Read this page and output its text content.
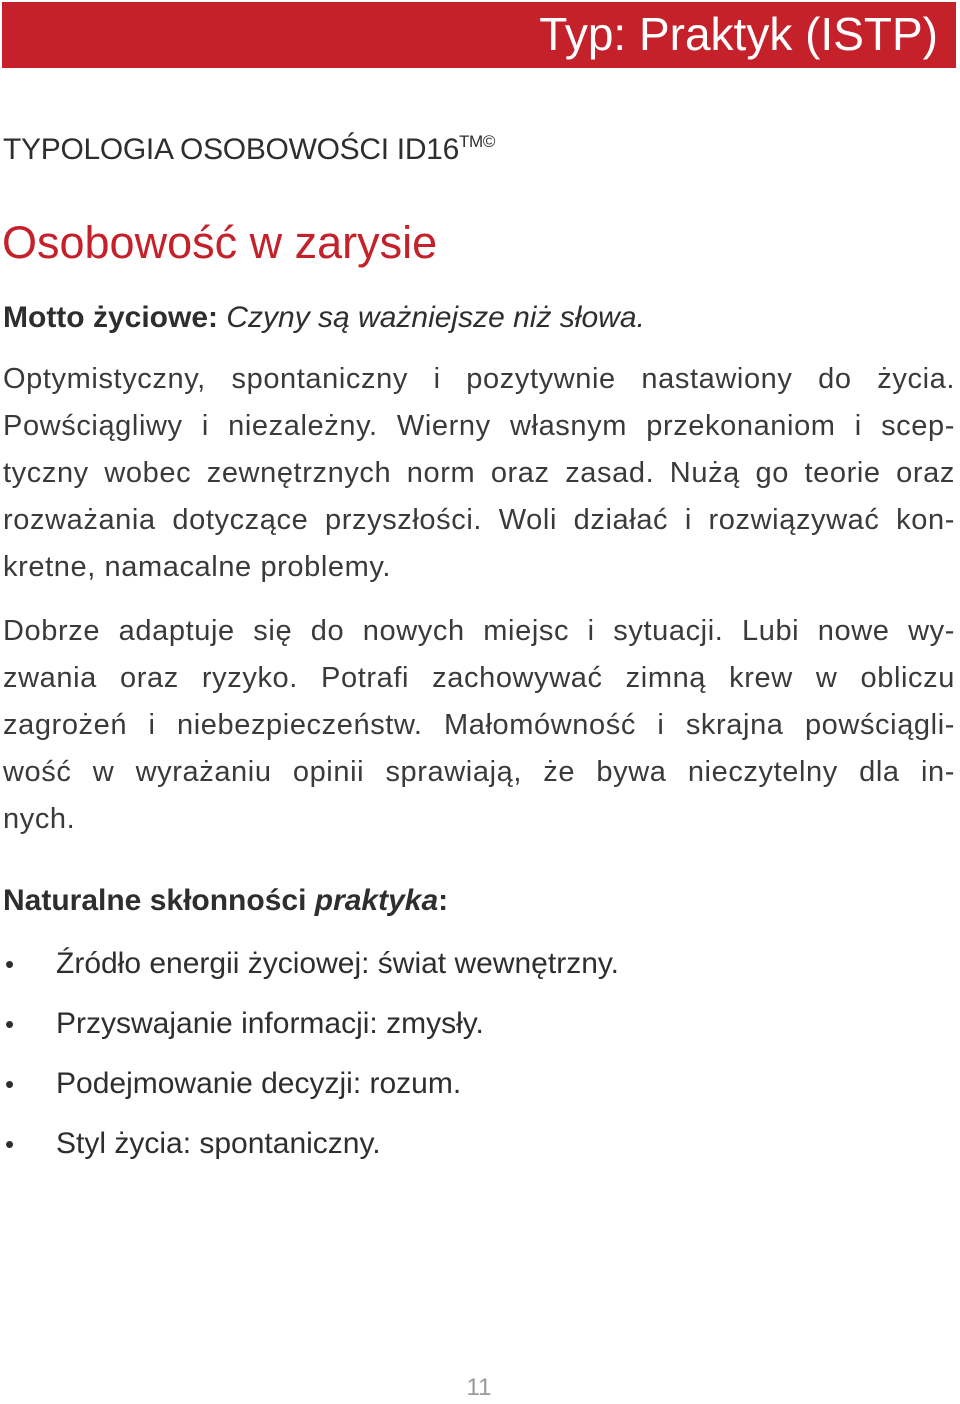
Typ: Praktyk (ISTP)
TYPOLOGIA OSOBOWOŚCI $ID16^{TM©}$
Osobowość w zarysie
Motto życiowe: Czyny są ważniejsze niż słowa.

Optymistyczny, spontaniczny i pozytywnie nastawiony do życia.
Powściągliwy i niezależny. Wierny własnym przekonaniom i scep-
tyczny wobec zewnętrznych norm oraz zasad. Nużą go teorie oraz
rozważania dotyczące przyszłości. Woli działać i rozwiązywać kon-
kretne, namacalne problemy.

Dobrze adaptuje się do nowych miejsc i sytuacji. Lubi nowe wy-
zwania oraz ryzyko. Potrafi zachowywać zimną krew w obliczu
zagrożeń i niebezpieczeństw. Małomówność i skrajna powściągli-
wość w wyrażaniu opinii sprawiają, że bywa nieczytelny dla in-
nych.

Naturalne skłonności praktyka:
• Źródło energii życiowej: świat wewnętrzny.
• Przyswajanie informacji: zmysły.
• Podejmowanie decyzji: rozum.
• Styl życia: spontaniczny.
11
